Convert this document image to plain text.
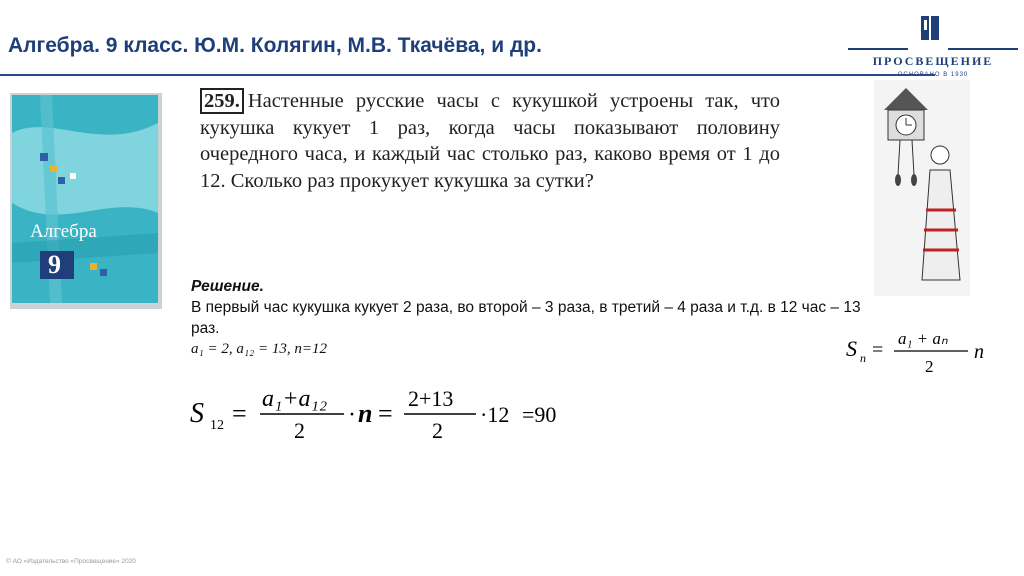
Алгебра. 9 класс. Ю.М. Колягин, М.В. Ткачёва, и др.
ПРОСВЕЩЕНИЕ
ОСНОВАНО В 1930
Алгебра
9
259. Настенные русские часы с кукушкой устроены так, что кукушка кукует 1 раз, когда часы показывают половину очередного часа, и каждый час столько раз, каково время от 1 до 12. Сколько раз прокукует кукушка за сутки?
Решение.
В первый час кукушка кукует 2 раза, во второй – 3 раза, в третий – 4 раза и т.д. в 12 час – 13 раз.
a₁ = 2, a₁₂ = 13, n=12	S n =
a₁ + aₙ
2
n
S 12 = a₁+a₁₂
2
· n =
2+13
2
·12 =90
© АО «Издательство «Просвещение» 2020
